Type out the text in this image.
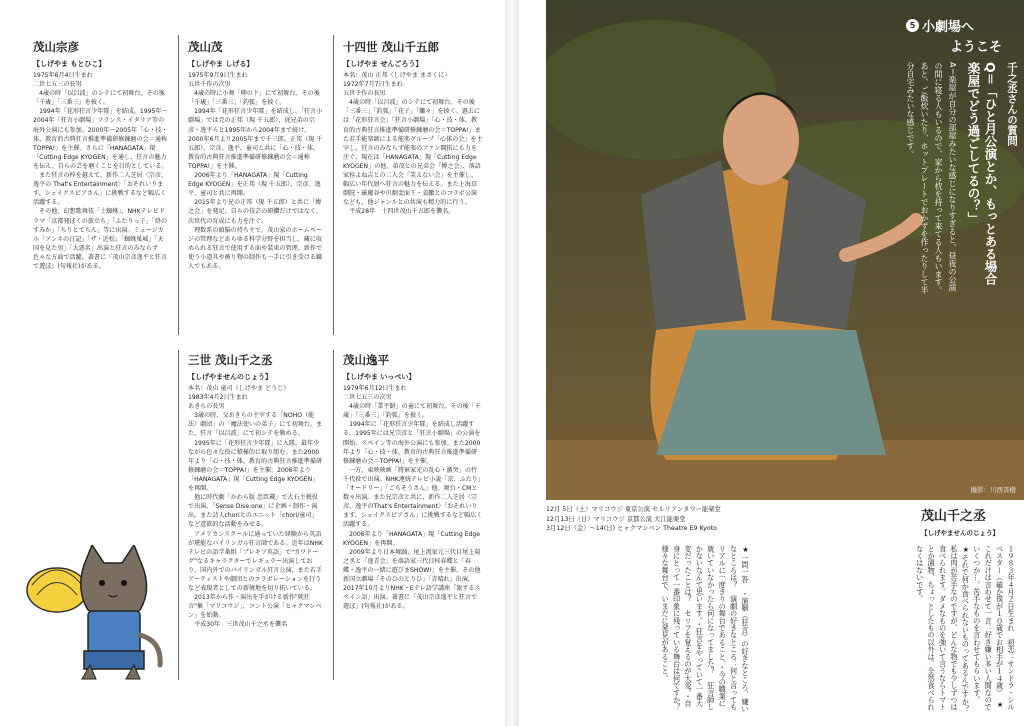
茂山宗彦
【しげやま もとひこ】
1975年6月4日生まれ
二世七五三の長男

4歳の時「以呂波」のシテにて初舞台。その後「千歳」「三番三」を披く。

1994年「花形狂言少年隊」を結成。1995年〜2004年「狂言小劇場」フランス・イタリア等の海外公演にも参加。2000年〜2005年「心・技・体、教育的古典狂言推進準備研修錬磨の会＝通称TOPPA!」を主催。さらに「HANAGATA」現「Cutting Edge KYOGEN」を通し、狂言の魅力を伝え、自らの芸を磨くことを目的としている。

また狂言の枠を越えて、新作二人芝居〈宗彦、逸平の That's Entertainment〉「おそれいります、シェイクスピアさん」に挑戦するなど幅広く活躍する。

その他、幻想歌舞伎「土蜘蛛」、NHKテレビドラマ「京都発ぼくの旅立ち」「ふたりっ子」「終のすみか」「ちりとてちん」等に出演。ミュージカル「アンネの日記」「ザ・近松」「蜘蛛巣城」「天国を見た男」「大悪名」出演と狂言のみならず色々な方面で活躍。著書に『茂山宗彦逸平と狂言で遊ぼ』(句報社)がある。

茂山茂
【しげやま しげる】
1975年9月9日生まれ
五世千作の次男

4歳の時に小舞「柳の下」にて初舞台。その後「千歳」「三番三」「釣狐」を披く。

1994年「花形狂言少年隊」を結成し、「狂言小劇場」では完の正邦（現 千五郎）、従兄弟の宗彦・逸平らと1995年から2004年まで続け、2000年6月より2005年まで千三郎、正邦（現 千五郎）、宗彦、逸平、童司と共に「心・技・体、教育的古典狂言推進準備研修錬磨の会＝通称TOPPA!」を主催。

2006年より「HANAGATA」現「Cutting Edge KYOGEN」を正邦（現 千五郎）、宗彦、逸平、童司と共に再開。

2015年より兄の正邦（現 千五郎）と共に「傅之会」を発足。自らの技芸の研鑽だけではなく、次世代の育成にも力を注ぐ。

理数系の頭脳の持ち主で、茂山家のホームページの管理などあらゆる科学分野を担当し、蔵に収められる狂言で使用する面や装束の管理、新作で使う小道具や被り物の制作も一手に引き受ける職人でもある。

十四世 茂山千五郎
【しげやま せんごろう】
本名：茂山 正邦（しげやま まさくに）
1972年7月7日生まれ
五世千作の長男

4歳の時「以呂波」のシテにて初舞台。その後「三番三」「釣狐」「花子」「獅々」を披く。過去には「花形狂言会」「狂言小劇場」「心・技・体、教育的古典狂言推進準備研修錬磨の会＝TOPPA!」また若手能楽師による能楽グループ「心体の会」を主宰し、狂言のみならず能楽のファン開拓にも力を注ぐ。現在は「HANAGATA」現「Cutting Edge KYOGEN」の他、弟茂との兄弟会「傅之会」、落語家桂よね吉との二人会「笑えない会」を主催し、幅広い年代層へ狂言の魅力を伝える。また上海京劇院・厳慶谷や川劇変面王・姜鵬とのコラボ公演なども、他ジャンルとの共演も精力的に行う。

平成28年　十四世茂山千五郎を襲名。

三世 茂山千之丞
【しげやませんのじょう】
本名：茂山 童司（しげやま どうじ）
1983年4月2日生まれ
あきらの長男

3歳の時、父あきらの主宰する「NOHO（能法）劇団」の「魔法使いの弟子」にて初舞台。また、狂言「以呂波」にて初シテを勤める。

1995年に「花形狂言少年隊」に入隊。最年少ながら色々な役に積極的に取り組む。また2000年より「心・技・体、教育的古典狂言推進準備研修錬磨の会＝TOPPA!」を主催。2006年より「HANAGATA」現「Cutting Edge KYOGEN」を再開。

他に時代劇「かわら版 忠臣蔵」で大石主税役で出演、「Sense Dise:one」に企画・制作・演出。また詩人choriとのユニット「chori/童司」など意欲的な活動をみせる。

アメリカンスクールに通っていた経験から英語が堪能なバイリンガル狂言師である。近年はNHKテレビの語学番組「プレキソ英語」で"カワドーグ"なるキャラクターでレギュラー出演しており、国内外でのバイリンガル狂言公演、また若手アーティストや劇団とのコラボレーションを行うなど表現者としての新境地を切り拓いている。

2013年から作・演出を手がける新作"純狂言"集「マリコウジ」、コント公演「ヒャクマンベン」を始動。

平成30年　三世茂山千之丞を襲名

茂山逸平
【しげやま いっぺい】
1979年6月12日生まれ
二世七五三の次男

4歳の時「業平餅」の童にて初舞台。その後「千歳」「三番三」「釣狐」を披く。

1994年に「花形狂言少年隊」を結成し活躍する。1995年には兄宗彦と「狂言小劇場」の公演を開始。スペイン等の海外公演にも参加。また2000年より「心・技・体、教育的古典狂言推進準備研修錬磨の会＝TOPPA!」を主催。

一方、東映映画「將軍家光の乱心・激突」の竹千代役で出演。NHK連続テレビ小説「京、ふたり」「オードリー」「ごちそうさん」他、舞台・CMと数々出演。また兄宗彦と共に、新作二人芝居〈宗彦、逸平のThat's Entertainment〉「おそれいります、シェイクスピアさん」に挑戦するなど幅広く活躍する。

2006年より「HANAGATA」現「Cutting Edge KYOGEN」を再開。

2009年より日本舞踊、尾上流家元三代目尾上菊之丞と「逸青会」を落語家三代目桂春蝶と「春蝶・逸平の一緒に遊びまSHOW!」を主催。その他新国立劇場「そのひのとりひ」「青晴れ」出演。2017年10月よりNHK・Eテレ語学講座「旅するスペイン語」出演。著書に「茂山宗彦逸平と狂言で遊ぼ」(句報社)がある。

撮影：川西善樹
5 小劇場へ
ようこそ
千之丞さんの質問
Q＝「ひと月公演とか、もっとある場合　楽屋でどう過ごしてるの？」
A＝楽屋が自分の部屋みたいな感じになりすぎると、昼夜の公演の間に寝る人もいるので、家から枕を持って来てる人もいます。あと、ご飯炊いたり、ホットプレートでおかずを作ったりして半分自宅みたいな感じです。
12月 5日（土）マリコウジ 東京公演 セルリアンタワー能楽堂
12月13日（日）マリコウジ 京都公演 大江能楽堂
3月12日（金）〜14(日) ヒャクマンベン Theatre E9 Kyoto
茂山千之丞
【しげやませんのじょう】
１９８３年４月２日生まれ　初恋：サンドラ・シルベスター（確か僕が１０歳でお相手が１４歳）　★これだけは言わせて一言：好き嫌い多い人間なのでいくつか…。苦手なものを言わせてもらいます。 ★それで何か食べられないものってあるんですか？　私は肉が苦手なのですが、どんな物でも少しずつは食べられます。ダメなものを強いて言うならトマトとか漬物、ちょっとしたもの以外は、全然食べられなくはないです。
★一問一答　・演劇（狂言）の好きなところ、嫌いなところは？　演劇の好きなところ：何と言ってもリアルに一度きりの舞台であること。・今の職業に就いていなかったら何になってました？　狂言師しかないなんて思います。・狂言をやっていて一番大変だったことは？　セリフを覚えるのが大変。・自身にとって一番印象に残っている舞台は何ですか？　様々な舞台で、いまだに発見があること。
